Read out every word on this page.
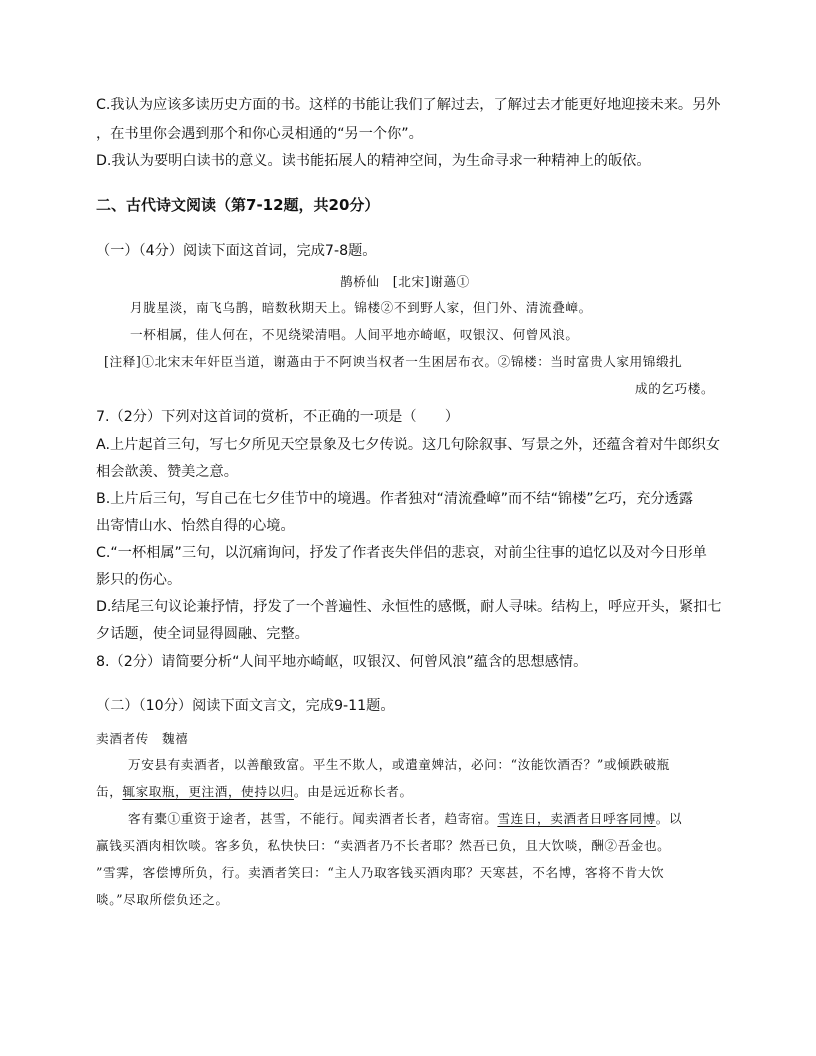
C.我认为应该多读历史方面的书。这样的书能让我们了解过去，了解过去才能更好地迎接未来。另外
，在书里你会遇到那个和你心灵相通的“另一个你”。
D.我认为要明白读书的意义。读书能拓展人的精神空间，为生命寻求一种精神上的皈依。
二、古代诗文阅读（第7-12题，共20分）
（一）（4分）阅读下面这首词，完成7-8题。
鹊桥仙　[北宋]谢薖①
月胧星淡，南飞乌鹊，暗数秋期天上。锦楼②不到野人家，但门外、清流叠嶂。
一杯相属，佳人何在，不见绕梁清唱。人间平地亦崎岖，叹银汉、何曾风浪。
[注释]①北宋末年奸臣当道，谢薖由于不阿谀当权者一生困居布衣。②锦楼：当时富贵人家用锦缎扎
成的乞巧楼。
7.（2分）下列对这首词的赏析，不正确的一项是（　　）
A.上片起首三句，写七夕所见天空景象及七夕传说。这几句除叙事、写景之外，还蕴含着对牛郎织女
相会歆羡、赞美之意。
B.上片后三句，写自己在七夕佳节中的境遇。作者独对“清流叠嶂”而不结“锦楼”乞巧，充分透露
出寄情山水、怡然自得的心境。
C.“一杯相属”三句，以沉痛询问，抒发了作者丧失伴侣的悲哀，对前尘往事的追忆以及对今日形单
影只的伤心。
D.结尾三句议论兼抒情，抒发了一个普遍性、永恒性的感慨，耐人寻味。结构上，呼应开头，紧扣七
夕话题，使全词显得圆融、完整。
8.（2分）请简要分析“人间平地亦崎岖，叹银汉、何曾风浪”蕴含的思想感情。
（二）（10分）阅读下面文言文，完成9-11题。
卖酒者传　魏禧
万安县有卖酒者，以善酿致富。平生不欺人，或遣童婢沽，必问：“汝能饮酒否？”或倾跌破瓶
缶，辄家取瓶，更注酒，使持以归。由是远近称长者。
客有橐①重资于途者，甚雪，不能行。闻卖酒者长者，趋寄宿。雪连日，卖酒者日呼客同博。以
赢钱买酒肉相饮啖。客多负，私快快曰：“卖酒者乃不长者耶？然吾已负，且大饮啖，酬②吾金也。
”雪霁，客偿博所负，行。卖酒者笑曰：“主人乃取客钱买酒肉耶？天寒甚，不名博，客将不肯大饮
啖。”尽取所偿负还之。
